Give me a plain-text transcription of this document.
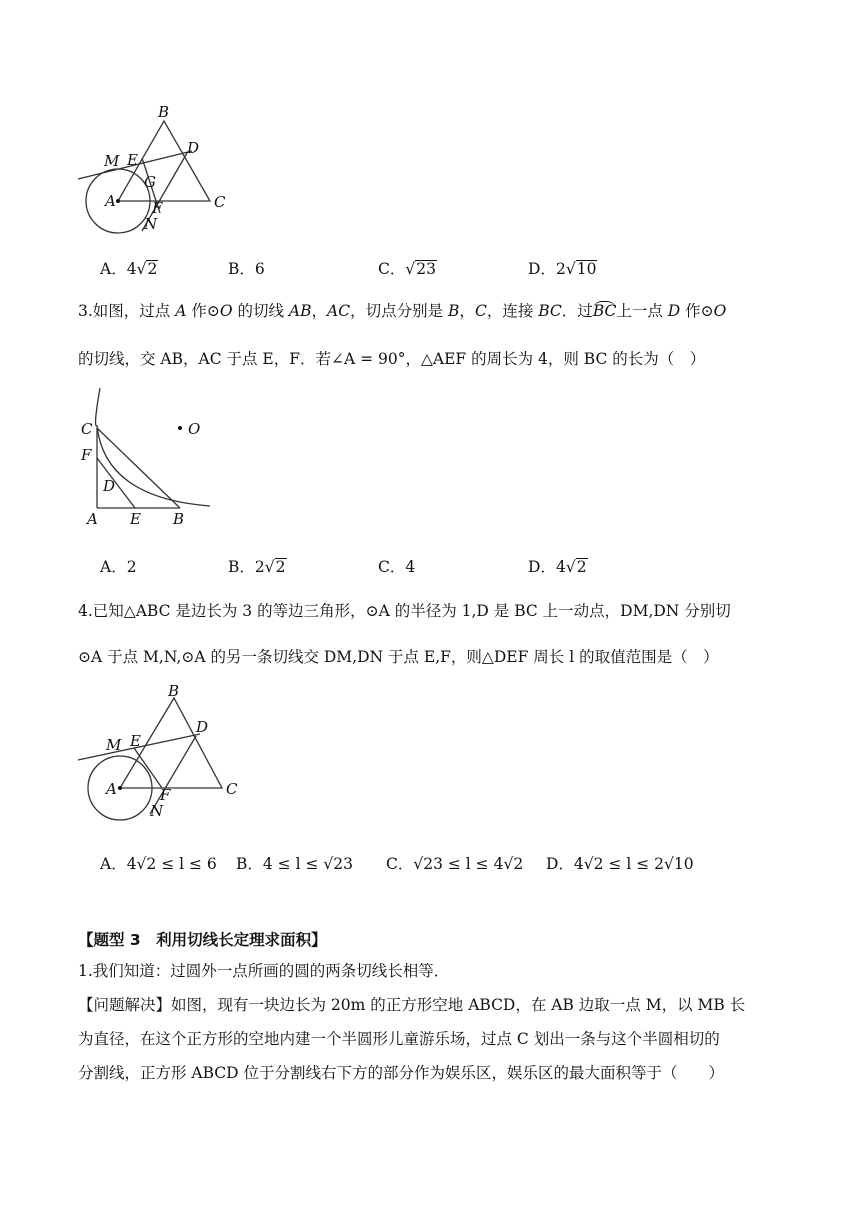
B
D
M E
G
A F	C
N
A．4√2	B．6	C．√23	D．2√10
3.如图，过点 A 作⊙O 的切线 AB，AC，切点分别是 B，C，连接 BC．过BC上一点 D 作⊙O
的切线，交 AB，AC 于点 E，F．若∠A = 90°，△AEF 的周长为 4，则 BC 的长为（　）
C	O
F
D
A E B
A．2	B．2√2	C．4	D．4√2
4.已知△ABC 是边长为 3 的等边三角形，⊙A 的半径为 1,D 是 BC 上一动点，DM,DN 分别切
⊙A 于点 M,N,⊙A 的另一条切线交 DM,DN 于点 E,F，则△DEF 周长 l 的取值范围是（　）
B
D
M E
A	F	C
N
A．4√2 ≤ l ≤ 6 B．4 ≤ l ≤ √23 C．√23 ≤ l ≤ 4√2 D．4√2 ≤ l ≤ 2√10
【题型 3　利用切线长定理求面积】
1.我们知道：过圆外一点所画的圆的两条切线长相等．
【问题解决】如图，现有一块边长为 20m 的正方形空地 ABCD，在 AB 边取一点 M，以 MB 长
为直径，在这个正方形的空地内建一个半圆形儿童游乐场，过点 C 划出一条与这个半圆相切的
分割线，正方形 ABCD 位于分割线右下方的部分作为娱乐区，娱乐区的最大面积等于（　　）
